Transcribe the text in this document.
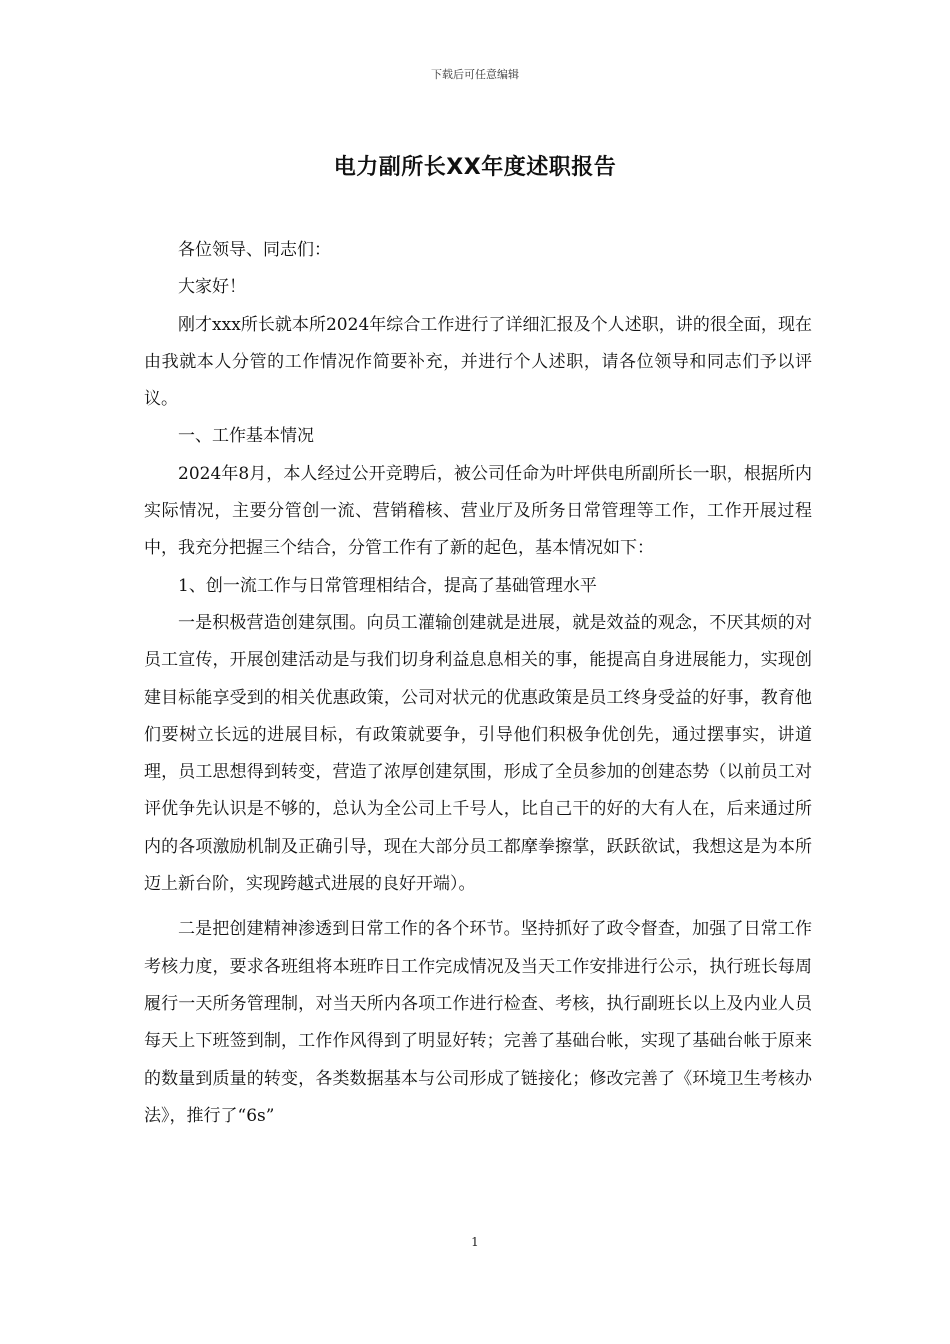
下载后可任意编辑
电力副所长XX年度述职报告

各位领导、同志们：

大家好！

刚才xxx所长就本所2024年综合工作进行了详细汇报及个人述职，讲的很全面，现在由我就本人分管的工作情况作简要补充，并进行个人述职，请各位领导和同志们予以评议。

一、工作基本情况

2024年8月，本人经过公开竞聘后，被公司任命为叶坪供电所副所长一职，根据所内实际情况，主要分管创一流、营销稽核、营业厅及所务日常管理等工作，工作开展过程中，我充分把握三个结合，分管工作有了新的起色，基本情况如下：

1、创一流工作与日常管理相结合，提高了基础管理水平

一是积极营造创建氛围。向员工灌输创建就是进展，就是效益的观念，不厌其烦的对员工宣传，开展创建活动是与我们切身利益息息相关的事，能提高自身进展能力，实现创建目标能享受到的相关优惠政策，公司对状元的优惠政策是员工终身受益的好事，教育他们要树立长远的进展目标，有政策就要争，引导他们积极争优创先，通过摆事实，讲道理，员工思想得到转变，营造了浓厚创建氛围，形成了全员参加的创建态势（以前员工对评优争先认识是不够的，总认为全公司上千号人，比自己干的好的大有人在，后来通过所内的各项激励机制及正确引导，现在大部分员工都摩拳擦掌，跃跃欲试，我想这是为本所迈上新台阶，实现跨越式进展的良好开端）。

二是把创建精神渗透到日常工作的各个环节。坚持抓好了政令督查，加强了日常工作考核力度，要求各班组将本班昨日工作完成情况及当天工作安排进行公示，执行班长每周履行一天所务管理制，对当天所内各项工作进行检查、考核，执行副班长以上及内业人员每天上下班签到制，工作作风得到了明显好转；完善了基础台帐，实现了基础台帐于原来的数量到质量的转变，各类数据基本与公司形成了链接化；修改完善了《环境卫生考核办法》，推行了“6s”

1
